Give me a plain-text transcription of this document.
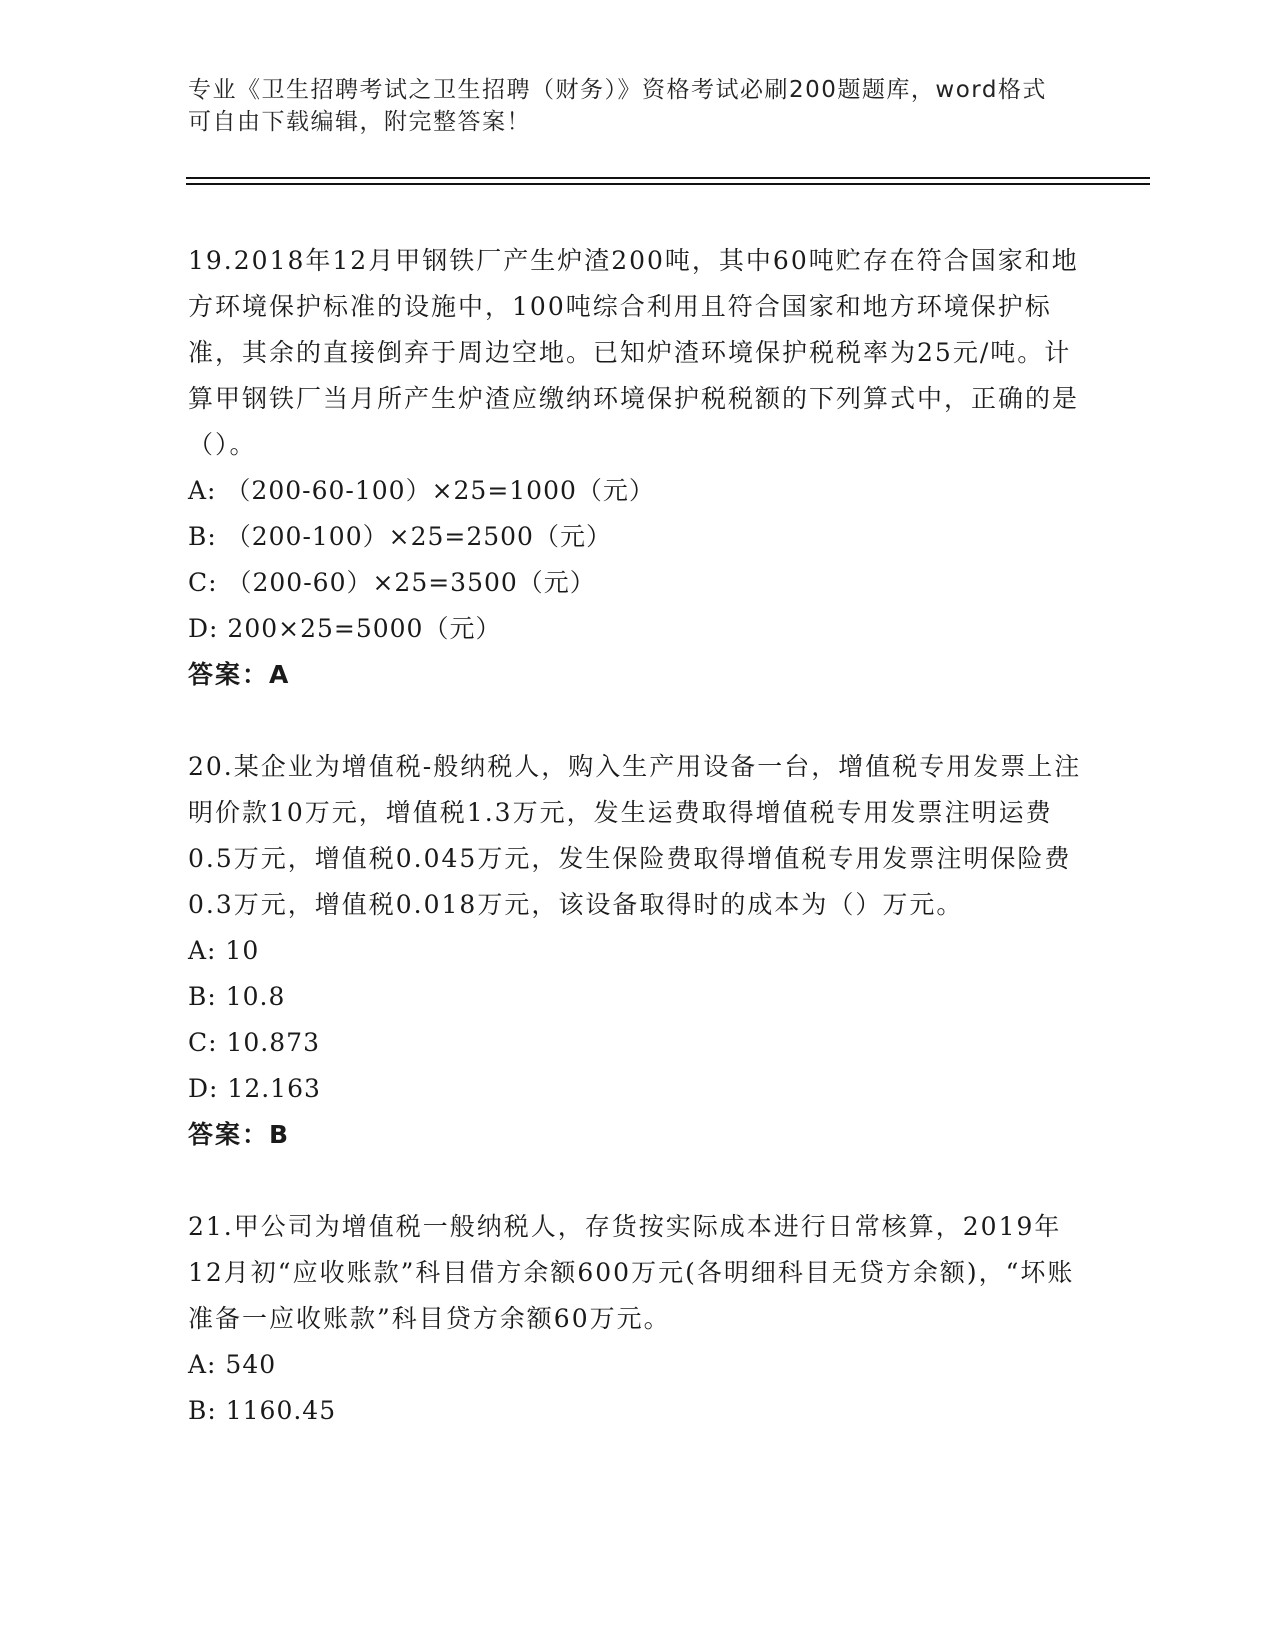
专业《卫生招聘考试之卫生招聘（财务）》资格考试必刷200题题库，word格式可自由下载编辑，附完整答案！

19.2018年12月甲钢铁厂产生炉渣200吨，其中60吨贮存在符合国家和地方环境保护标准的设施中，100吨综合利用且符合国家和地方环境保护标准，其余的直接倒弃于周边空地。已知炉渣环境保护税税率为25元/吨。计算甲钢铁厂当月所产生炉渣应缴纳环境保护税税额的下列算式中，正确的是（）。

A: （200-60-100）×25=1000（元）

B: （200-100）×25=2500（元）

C: （200-60）×25=3500（元）

D: 200×25=5000（元）

答案：A

20.某企业为增值税-般纳税人，购入生产用设备一台，增值税专用发票上注明价款10万元，增值税1.3万元，发生运费取得增值税专用发票注明运费0.5万元，增值税0.045万元，发生保险费取得增值税专用发票注明保险费0.3万元，增值税0.018万元，该设备取得时的成本为（）万元。

A: 10

B: 10.8

C: 10.873

D: 12.163

答案：B

21.甲公司为增值税一般纳税人，存货按实际成本进行日常核算，2019年12月初“应收账款”科目借方余额600万元(各明细科目无贷方余额)，“坏账准备一应收账款”科目贷方余额60万元。

A: 540

B: 1160.45
